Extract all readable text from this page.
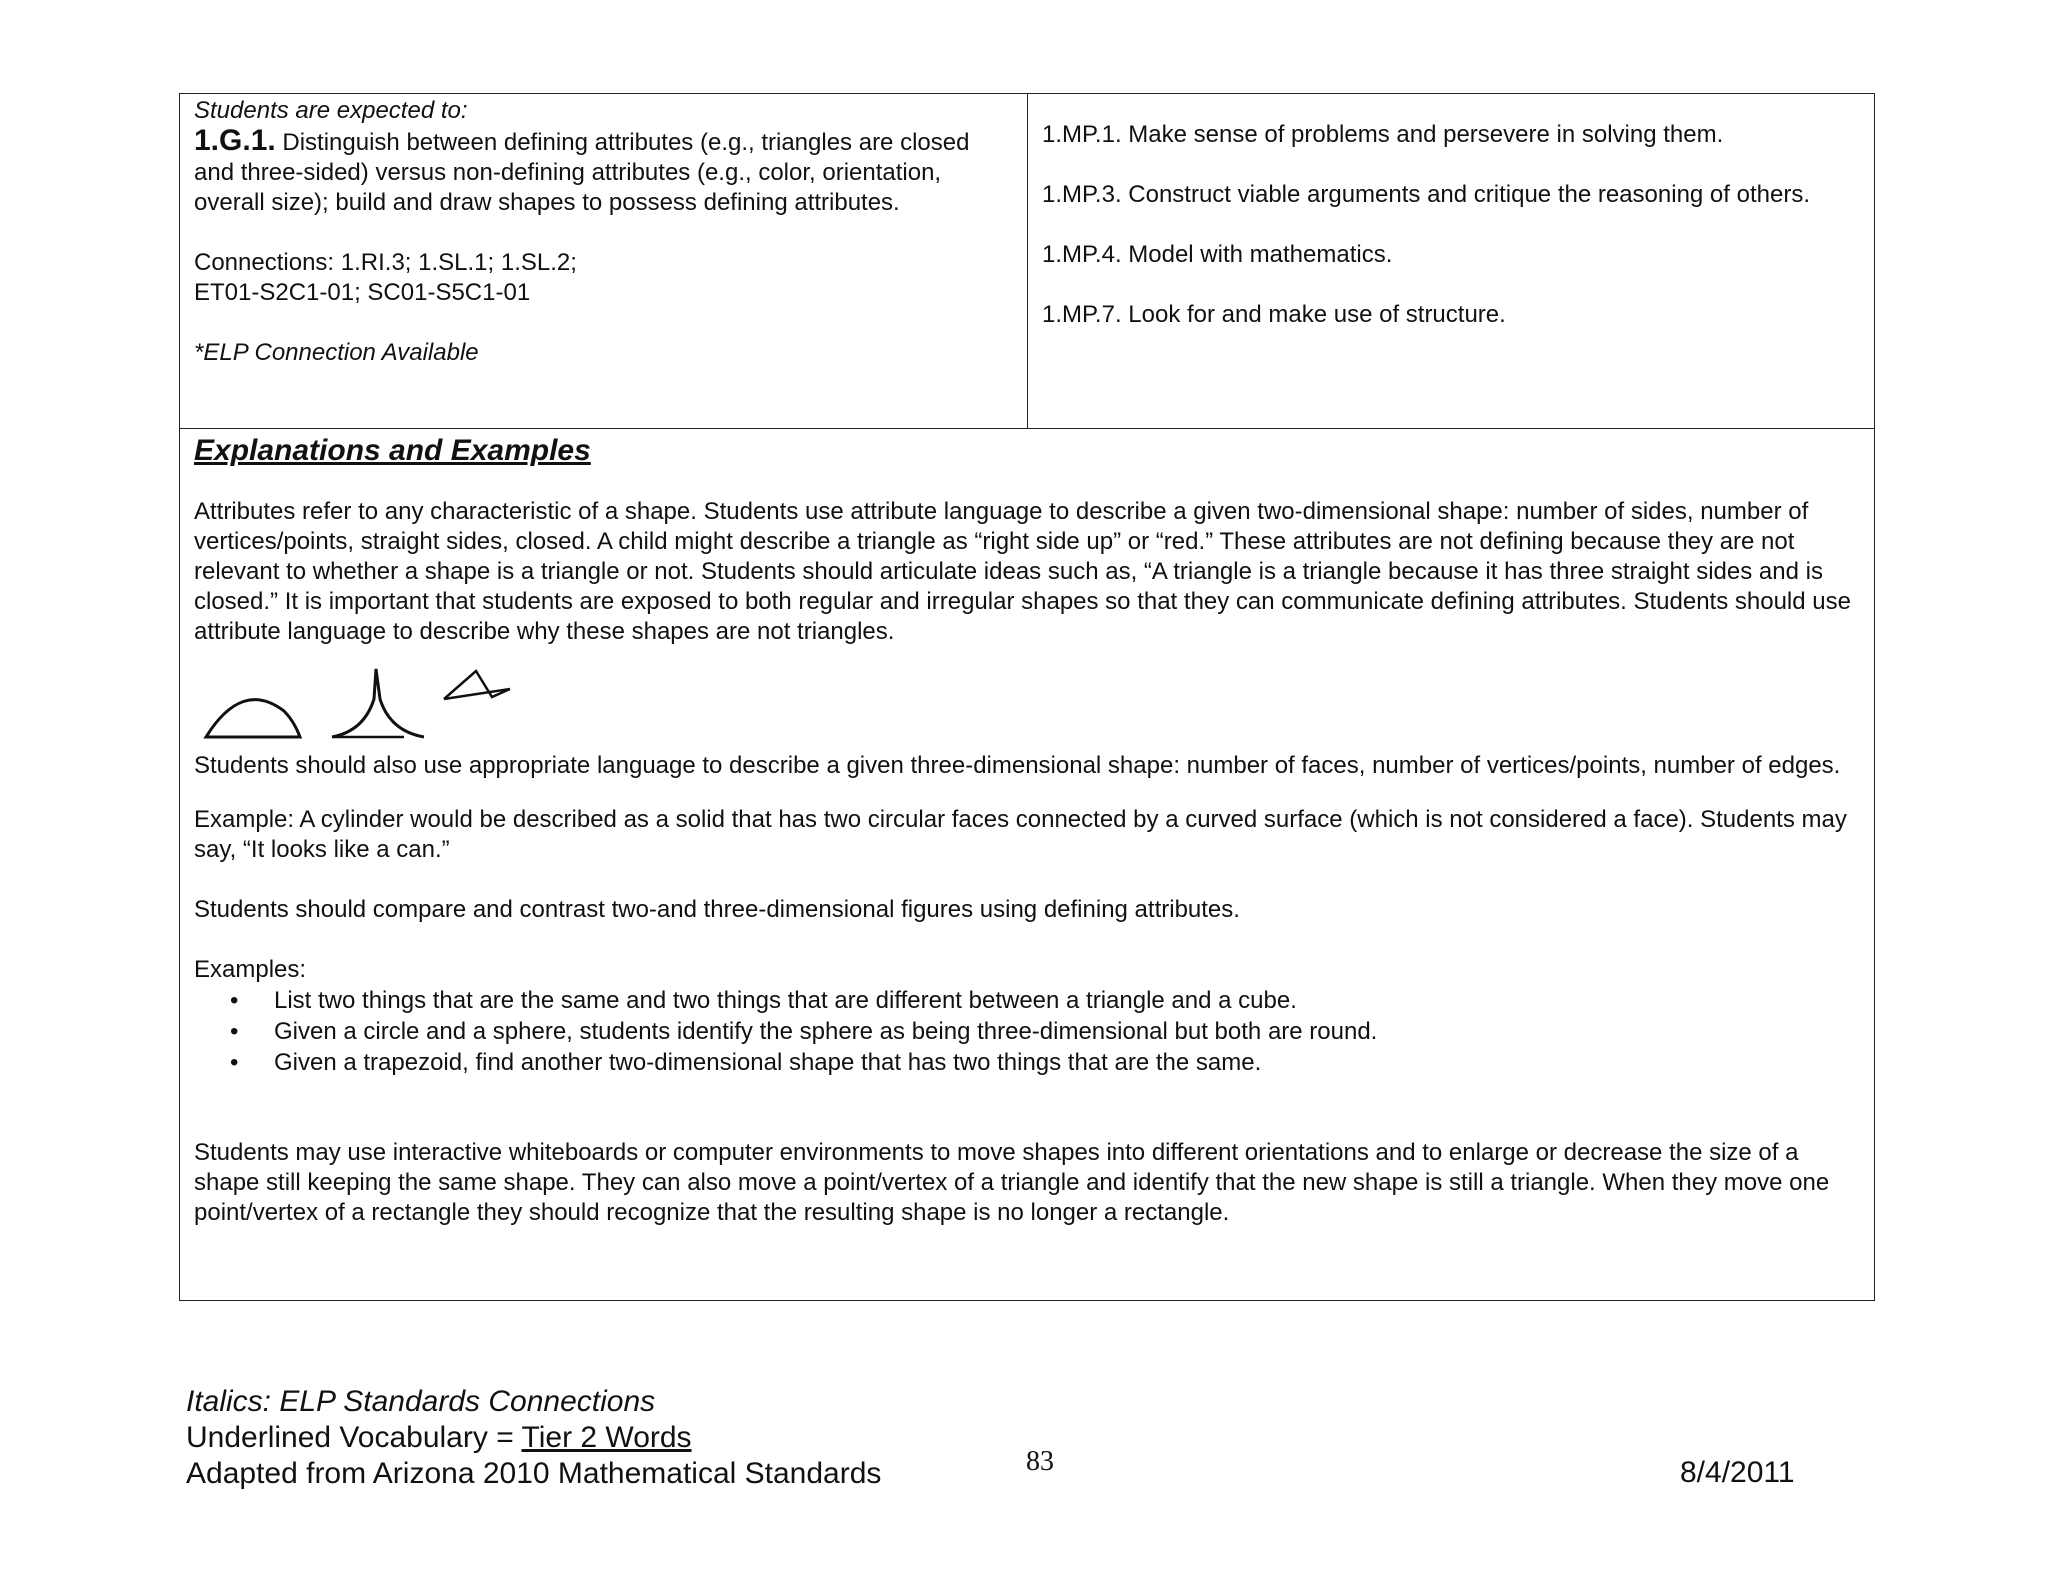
Students are expected to:

1.G.1. Distinguish between defining attributes (e.g., triangles are closed and three-sided) versus non-defining attributes (e.g., color, orientation, overall size); build and draw shapes to possess defining attributes.

Connections: 1.RI.3; 1.SL.1; 1.SL.2;

ET01-S2C1-01; SC01-S5C1-01

*ELP Connection Available

1.MP.1. Make sense of problems and persevere in solving them.

1.MP.3. Construct viable arguments and critique the reasoning of others.

1.MP.4. Model with mathematics.

1.MP.7. Look for and make use of structure.

Explanations and Examples

Attributes refer to any characteristic of a shape. Students use attribute language to describe a given two-dimensional shape: number of sides, number of vertices/points, straight sides, closed. A child might describe a triangle as “right side up” or “red.” These attributes are not defining because they are not relevant to whether a shape is a triangle or not. Students should articulate ideas such as, “A triangle is a triangle because it has three straight sides and is closed.” It is important that students are exposed to both regular and irregular shapes so that they can communicate defining attributes. Students should use attribute language to describe why these shapes are not triangles.

Students should also use appropriate language to describe a given three-dimensional shape: number of faces, number of vertices/points, number of edges.

Example: A cylinder would be described as a solid that has two circular faces connected by a curved surface (which is not considered a face). Students may say, “It looks like a can.”

Students should compare and contrast two-and three-dimensional figures using defining attributes.

Examples:

• List two things that are the same and two things that are different between a triangle and a cube.
• Given a circle and a sphere, students identify the sphere as being three-dimensional but both are round.
• Given a trapezoid, find another two-dimensional shape that has two things that are the same.

Students may use interactive whiteboards or computer environments to move shapes into different orientations and to enlarge or decrease the size of a shape still keeping the same shape. They can also move a point/vertex of a triangle and identify that the new shape is still a triangle. When they move one point/vertex of a rectangle they should recognize that the resulting shape is no longer a rectangle.

Italics: ELP Standards Connections
Underlined Vocabulary = Tier 2 Words
Adapted from Arizona 2010 Mathematical Standards	83	8/4/2011
